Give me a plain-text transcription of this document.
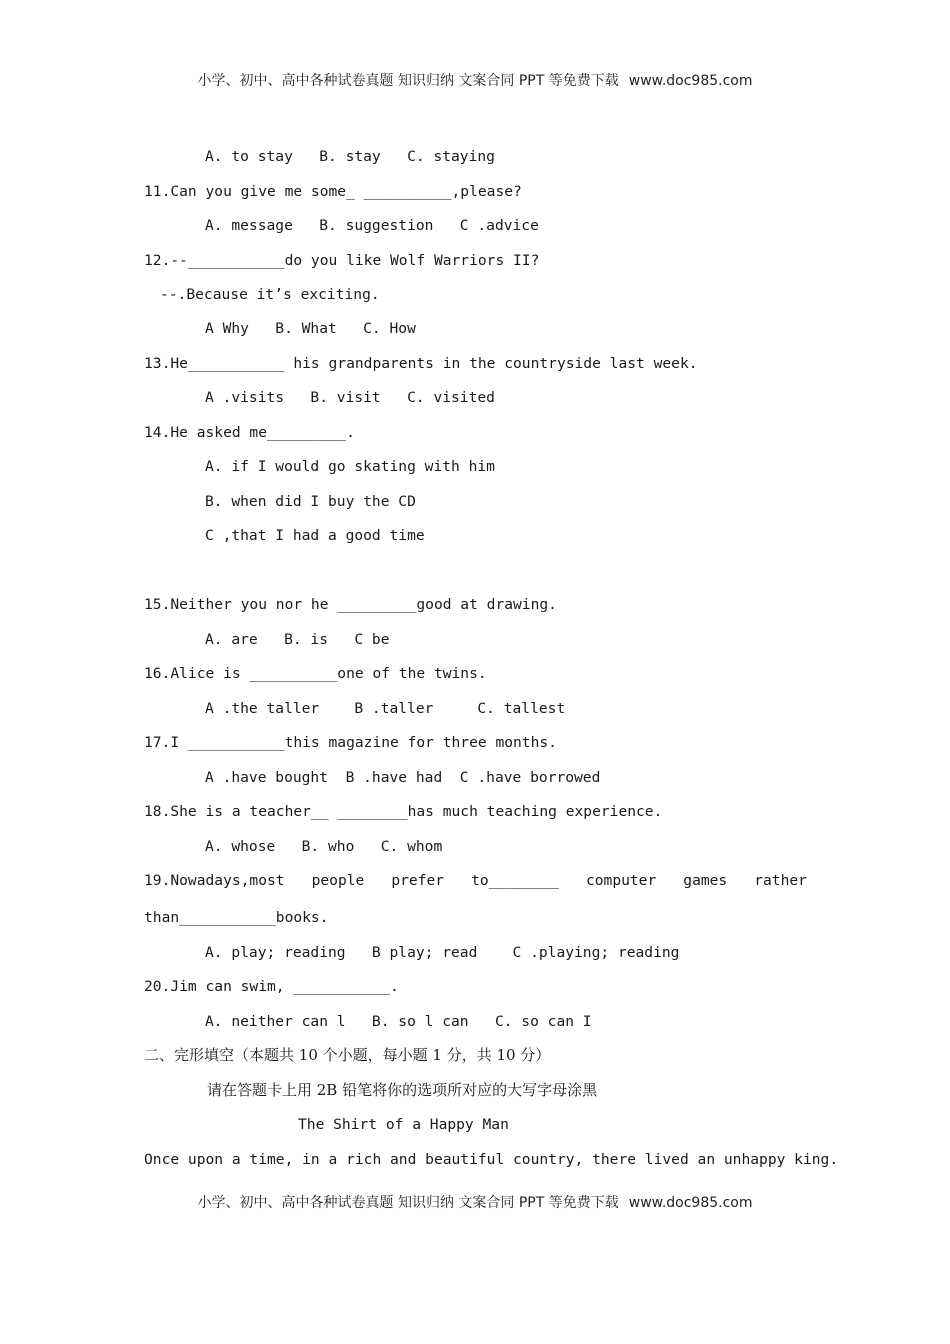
小学、初中、高中各种试卷真题 知识归纳 文案合同 PPT 等免费下载 www.doc985.com
A. to stay   B. stay   C. staying
11.Can you give me some_ __________,please?
A. message   B. suggestion   C .advice
12.--___________do you like Wolf Warriors II?
--.Because it’s exciting.
A Why   B. What   C. How
13.He___________ his grandparents in the countryside last week.
A .visits   B. visit   C. visited
14.He asked me_________.
A. if I would go skating with him
B. when did I buy the CD
C ,that I had a good time
15.Neither you nor he _________good at drawing.
A. are   B. is   C be
16.Alice is __________one of the twins.
A .the taller    B .taller     C. tallest
17.I ___________this magazine for three months.
A .have bought  B .have had  C .have borrowed
18.She is a teacher__ ________has much teaching experience.
A. whose   B. who   C. whom
19.Nowadays,most people prefer to________ computer games rather
than___________books.
A. play; reading   B play; read    C .playing; reading
20.Jim can swim, ___________.
A. neither can l   B. so l can   C. so can I
二、完形填空（本题共 10 个小题，每小题 1 分，共 10 分）
请在答题卡上用 2B 铅笔将你的选项所对应的大写字母涂黑
The Shirt of a Happy Man
Once upon a time, in a rich and beautiful country, there lived an unhappy king.
小学、初中、高中各种试卷真题 知识归纳 文案合同 PPT 等免费下载 www.doc985.com
